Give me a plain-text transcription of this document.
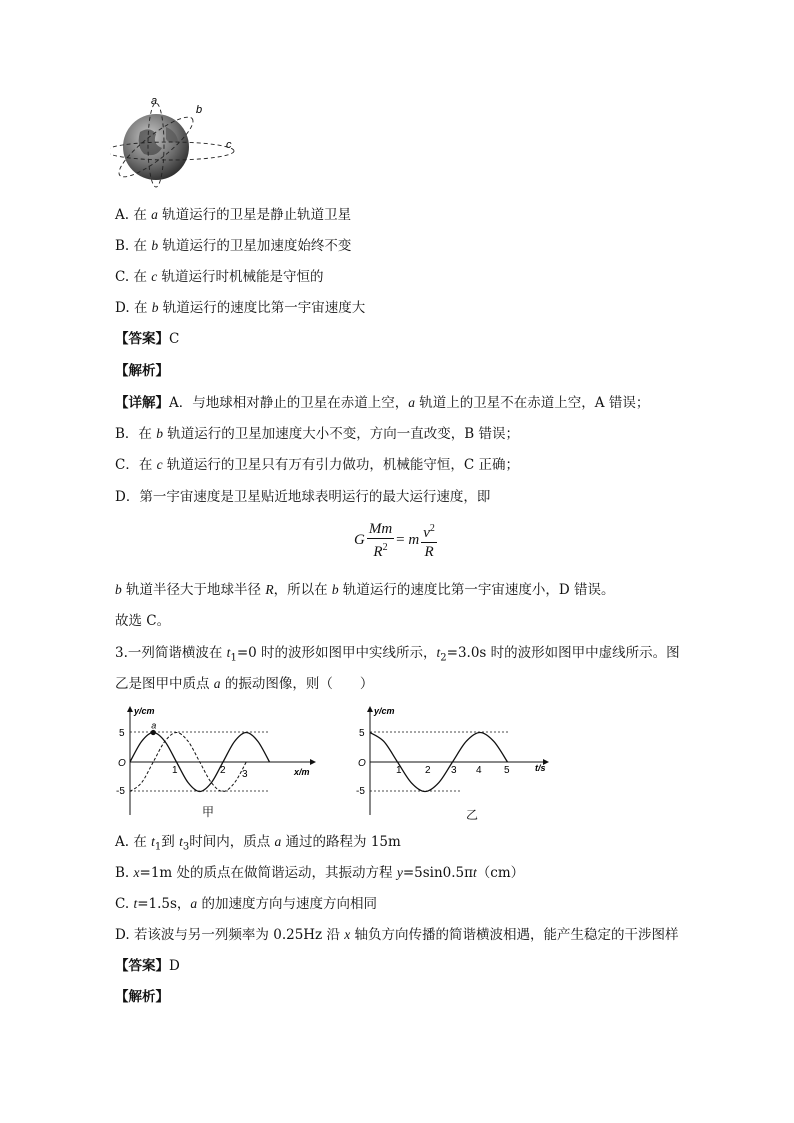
a
b
c
A. 在 a 轨道运行的卫星是静止轨道卫星
B. 在 b 轨道运行的卫星加速度始终不变
C. 在 c 轨道运行时机械能是守恒的
D. 在 b 轨道运行的速度比第一宇宙速度大
【答案】C
【解析】
【详解】A．与地球相对静止的卫星在赤道上空，a 轨道上的卫星不在赤道上空，A 错误；
B．在 b 轨道运行的卫星加速度大小不变，方向一直改变，B 错误；
C．在 c 轨道运行的卫星只有万有引力做功，机械能守恒，C 正确；
D．第一宇宙速度是卫星贴近地球表明运行的最大运行速度，即
G $\frac{Mm}{R^2} = m \frac{v^2}{R}$
b 轨道半径大于地球半径 R，所以在 b 轨道运行的速度比第一宇宙速度小，D 错误。
故选 C。
3.一列简谐横波在 $t_1=0$ 时的波形如图甲中实线所示，$t_2=3.0s$ 时的波形如图甲中虚线所示。图
乙是图甲中质点 a 的振动图像，则（　　）
y/cm
x/m
O
5
-5
1	2 3
a
甲
y/cm
t/s
O
5
-5
1 2 3 4 5
乙
A. 在 $t_1$到 $t_3$时间内，质点 a 通过的路程为 15m
B. x=1m 处的质点在做简谐运动，其振动方程 y=5sin0.5πt（cm）
C. t=1.5s，a 的加速度方向与速度方向相同
D. 若该波与另一列频率为 0.25Hz 沿 x 轴负方向传播的简谐横波相遇，能产生稳定的干涉图样
【答案】D
【解析】
